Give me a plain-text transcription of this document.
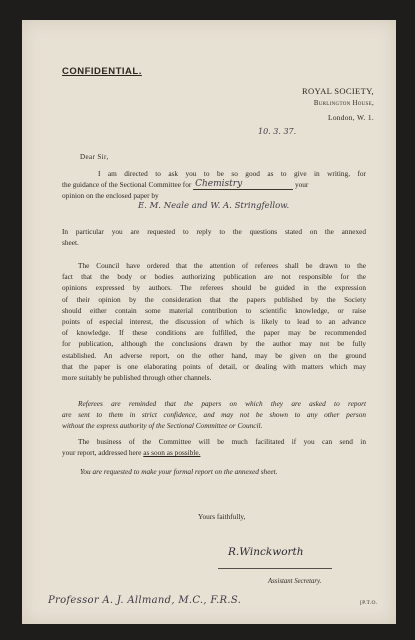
CONFIDENTIAL.

ROYAL SOCIETY,

Burlington House,

London, W. 1.

10. 3. 37.

Dear Sir,

I am directed to ask you to be so good as to give in writing, for
the guidance of the Sectional Committee for Chemistry	your
opinion on the enclosed paper by
E. M. Neale and W. A. Stringfellow.
In particular you are requested to reply to the questions stated on the annexed
sheet.
The Council have ordered that the attention of referees shall be drawn to the
fact that the body or bodies authorizing publication are not responsible for the
opinions expressed by authors. The referees should be guided in the expression
of their opinion by the consideration that the papers published by the Society
should either contain some material contribution to scientific knowledge, or raise
points of especial interest, the discussion of which is likely to lead to an advance
of knowledge. If these conditions are fulfilled, the paper may be recommended
for publication, although the conclusions drawn by the author may not be fully
established. An adverse report, on the other hand, may be given on the ground
that the paper is one elaborating points of detail, or dealing with matters which may
more suitably be published through other channels.
Referees are reminded that the papers on which they are asked to report
are sent to them in strict confidence, and may not be shown to any other person
without the express authority of the Sectional Committee or Council.
The business of the Committee will be much facilitated if you can send in
your report, addressed here as soon as possible.
You are requested to make your formal report on the annexed sheet.

Yours faithfully,

R.Winckworth

Assistant Secretary.

Professor A. J. Allmand, M.C., F.R.S.	[P.T.O.
